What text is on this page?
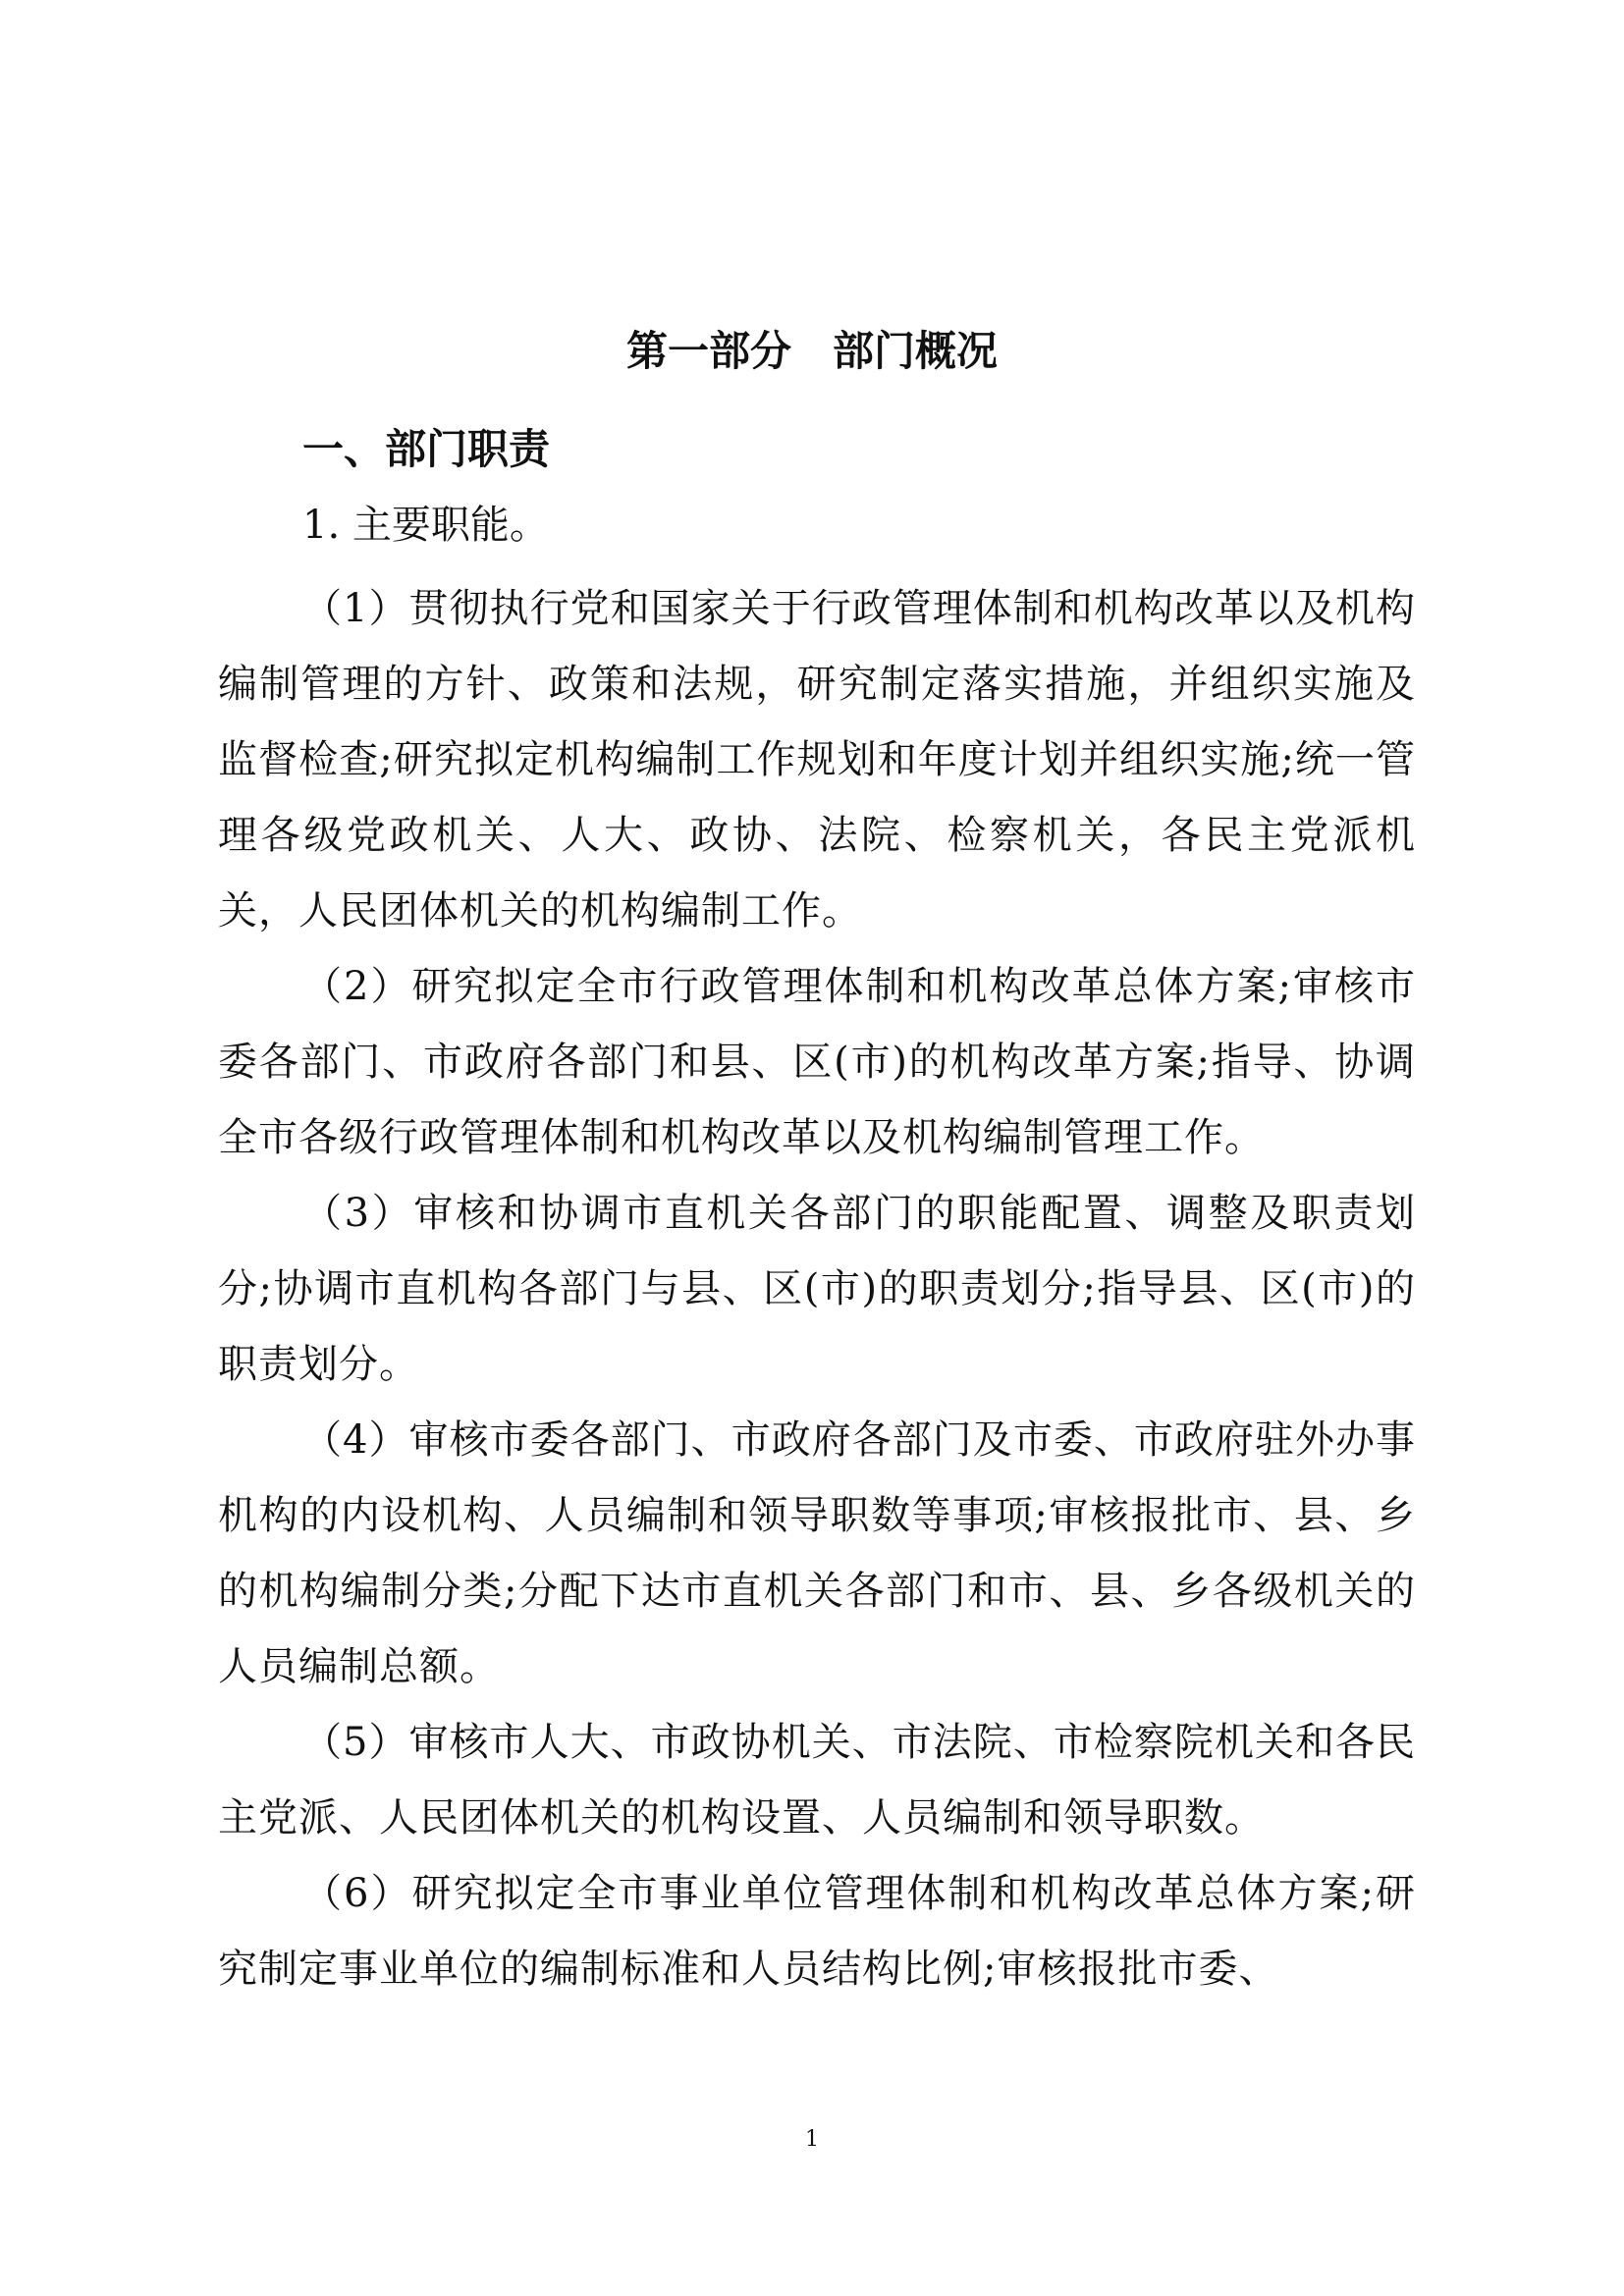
第一部分　部门概况
一、部门职责

1. 主要职能。

（1）贯彻执行党和国家关于行政管理体制和机构改革以及机构编制管理的方针、政策和法规，研究制定落实措施，并组织实施及监督检查;研究拟定机构编制工作规划和年度计划并组织实施;统一管理各级党政机关、人大、政协、法院、检察机关，各民主党派机关，人民团体机关的机构编制工作。

（2）研究拟定全市行政管理体制和机构改革总体方案;审核市委各部门、市政府各部门和县、区(市)的机构改革方案;指导、协调全市各级行政管理体制和机构改革以及机构编制管理工作。

（3）审核和协调市直机关各部门的职能配置、调整及职责划分;协调市直机构各部门与县、区(市)的职责划分;指导县、区(市)的职责划分。

（4）审核市委各部门、市政府各部门及市委、市政府驻外办事机构的内设机构、人员编制和领导职数等事项;审核报批市、县、乡的机构编制分类;分配下达市直机关各部门和市、县、乡各级机关的人员编制总额。

（5）审核市人大、市政协机关、市法院、市检察院机关和各民主党派、人民团体机关的机构设置、人员编制和领导职数。

（6）研究拟定全市事业单位管理体制和机构改革总体方案;研究制定事业单位的编制标准和人员结构比例;审核报批市委、

1
